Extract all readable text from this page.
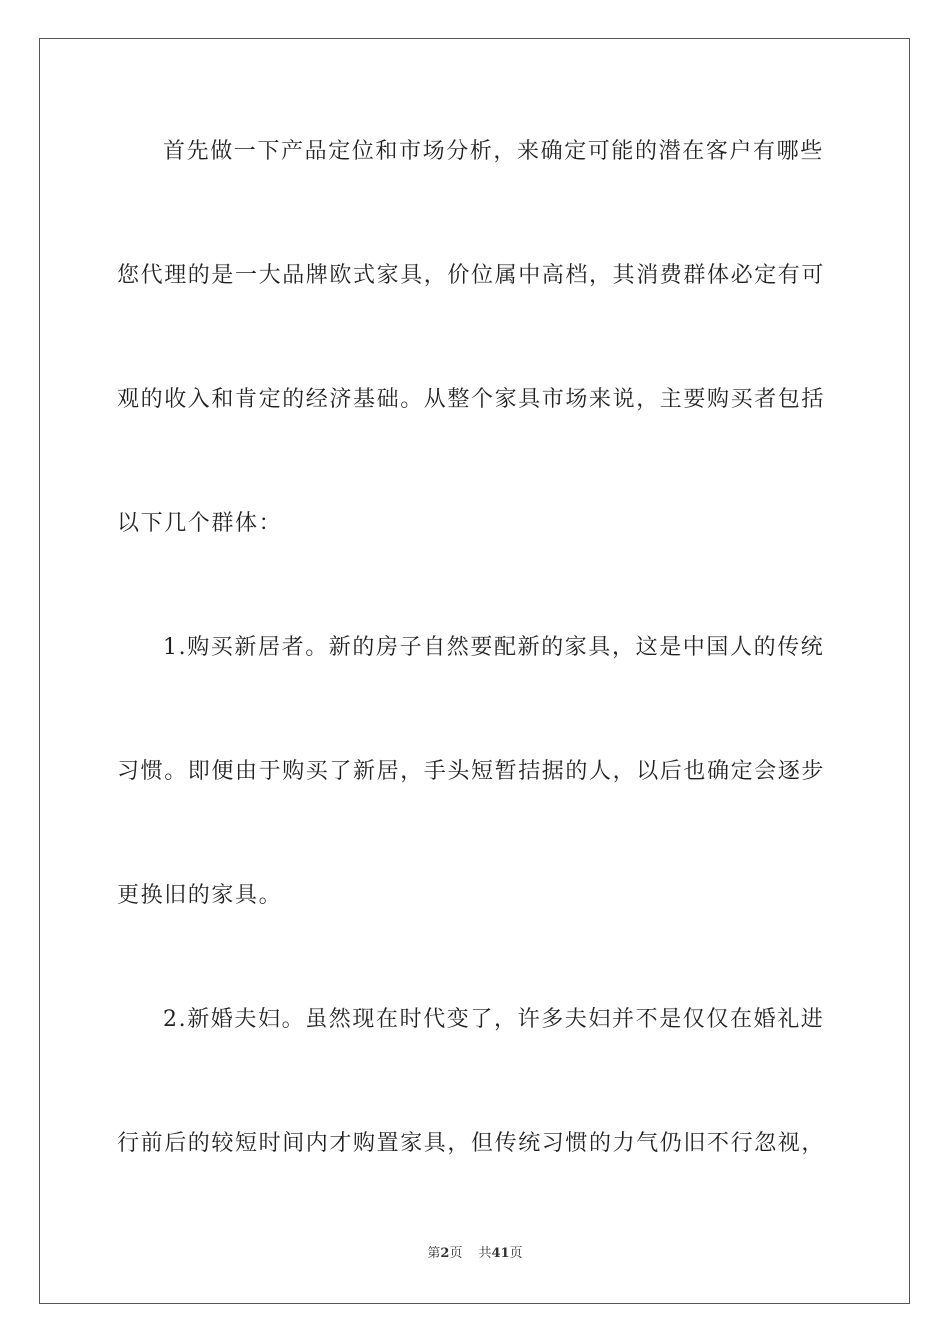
首先做一下产品定位和市场分析，来确定可能的潜在客户有哪些
您代理的是一大品牌欧式家具，价位属中高档，其消费群体必定有可
观的收入和肯定的经济基础。从整个家具市场来说，主要购买者包括
以下几个群体：
1.购买新居者。新的房子自然要配新的家具，这是中国人的传统
习惯。即便由于购买了新居，手头短暂拮据的人，以后也确定会逐步
更换旧的家具。
2.新婚夫妇。虽然现在时代变了，许多夫妇并不是仅仅在婚礼进
行前后的较短时间内才购置家具，但传统习惯的力气仍旧不行忽视，
第2页 共41页
